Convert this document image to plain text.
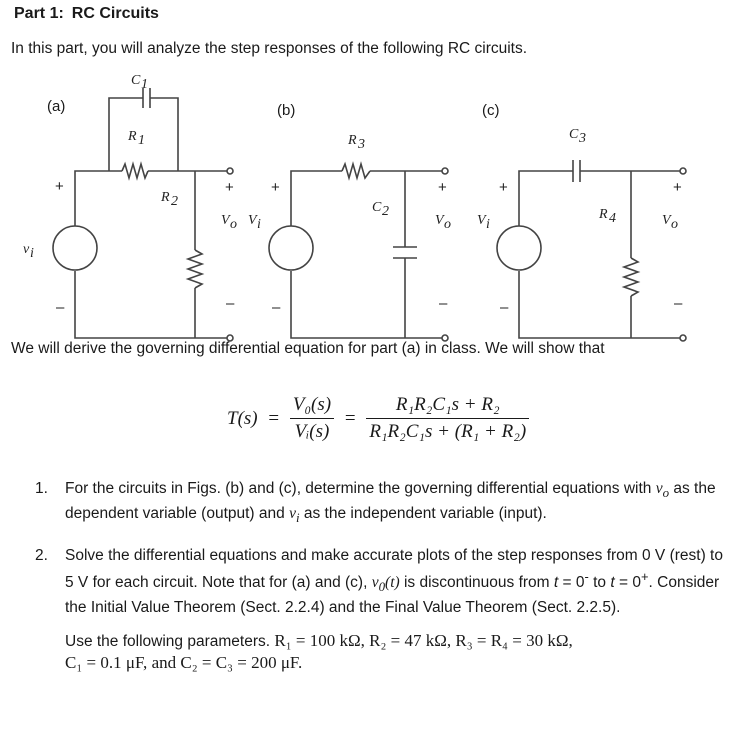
Part 1: RC Circuits
In this part, you will analyze the step responses of the following RC circuits.
(a)	(b)	(c)
C 1
R 1
R 2
R 3
C 2
C 3
R 4
+
–
+
–
+
–
+
–
+
–
+
–
v i
V o V i	V o V i	V o
We will derive the governing differential equation for part (a) in class. We will show that
$T(s) = \frac{\text{V₀(s)}}{\text{Vᵢ(s)}} = \frac{\text{R₁R₂C₁s + R₂}}{\text{R₁R₂C₁s + (R₁ + R₂)}}$
1.	For the circuits in Figs. (b) and (c), determine the governing differential equations with $v_o$ as the dependent variable (output) and $v_i$ as the independent variable (input).
2.	Solve the differential equations and make accurate plots of the step responses from 0 V (rest) to 5 V for each circuit. Note that for (a) and (c), $v_0(t)$ is discontinuous from t = 0- to t = 0+. Consider the Initial Value Theorem (Sect. 2.2.4) and the Final Value Theorem (Sect. 2.2.5).
Use the following parameters. R₁ = 100 kΩ, R₂ = 47 kΩ, R₃ = R₄ = 30 kΩ,
C₁ = 0.1 μF, and C₂ = C₃ = 200 μF.
